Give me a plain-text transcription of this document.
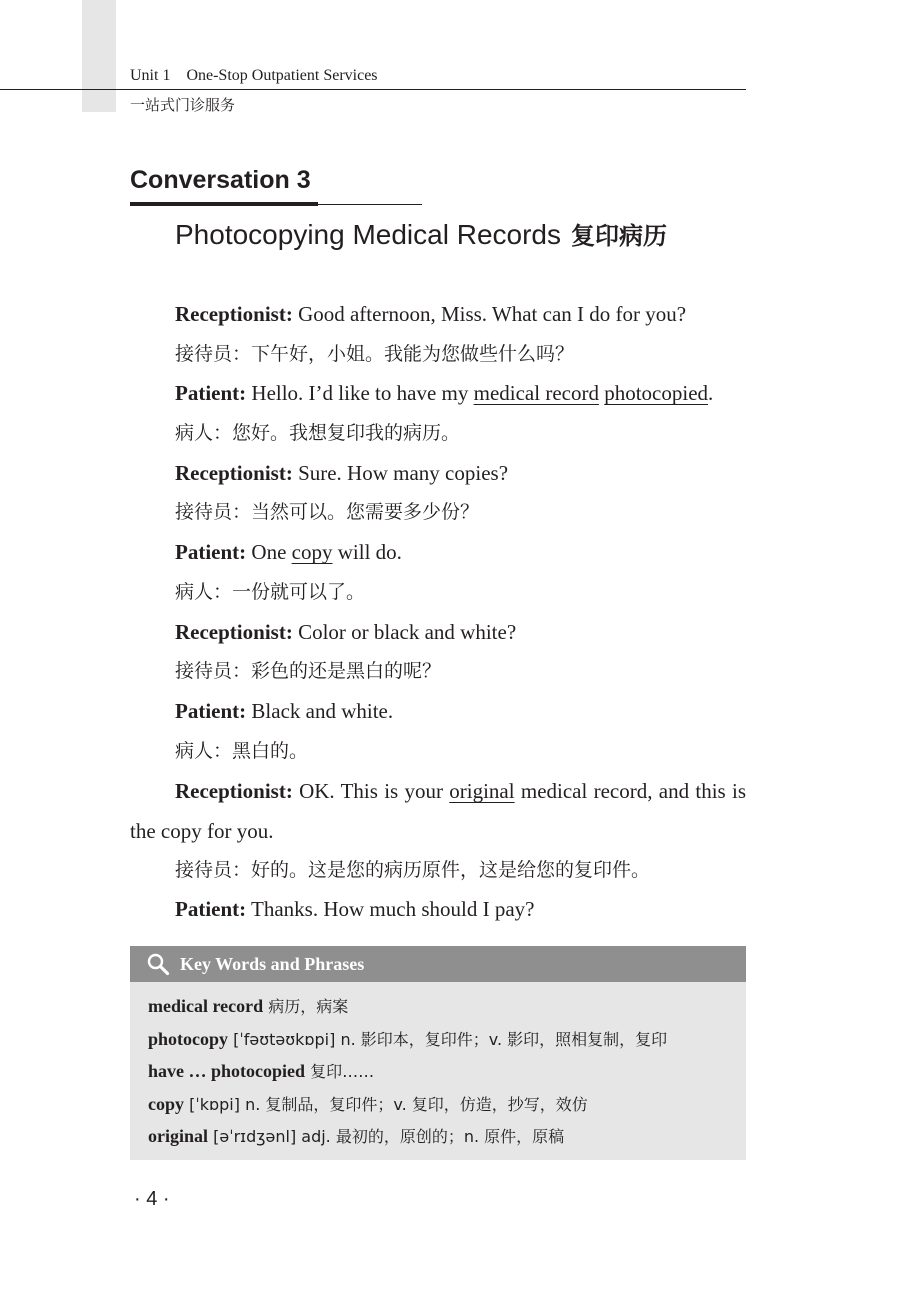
Unit 1    One-Stop Outpatient Services
一站式门诊服务
Conversation 3
Photocopying Medical Records 复印病历
Receptionist: Good afternoon, Miss. What can I do for you?
接待员：下午好，小姐。我能为您做些什么吗？
Patient: Hello. I’d like to have my medical record photocopied.
病人：您好。我想复印我的病历。
Receptionist: Sure. How many copies?
接待员：当然可以。您需要多少份？
Patient: One copy will do.
病人：一份就可以了。
Receptionist: Color or black and white?
接待员：彩色的还是黑白的呢？
Patient: Black and white.
病人：黑白的。
Receptionist: OK. This is your original medical record, and this is the copy for you.
接待员：好的。这是您的病历原件，这是给您的复印件。
Patient: Thanks. How much should I pay?
Key Words and Phrases
medical record 病历，病案
photocopy [ˈfəʊtəʊkɒpi] n. 影印本，复印件；v. 影印，照相复制，复印
have … photocopied 复印……
copy [ˈkɒpi] n. 复制品，复印件；v. 复印，仿造，抄写，效仿
original [əˈrɪdʒənl] adj. 最初的，原创的；n. 原件，原稿
· 4 ·
